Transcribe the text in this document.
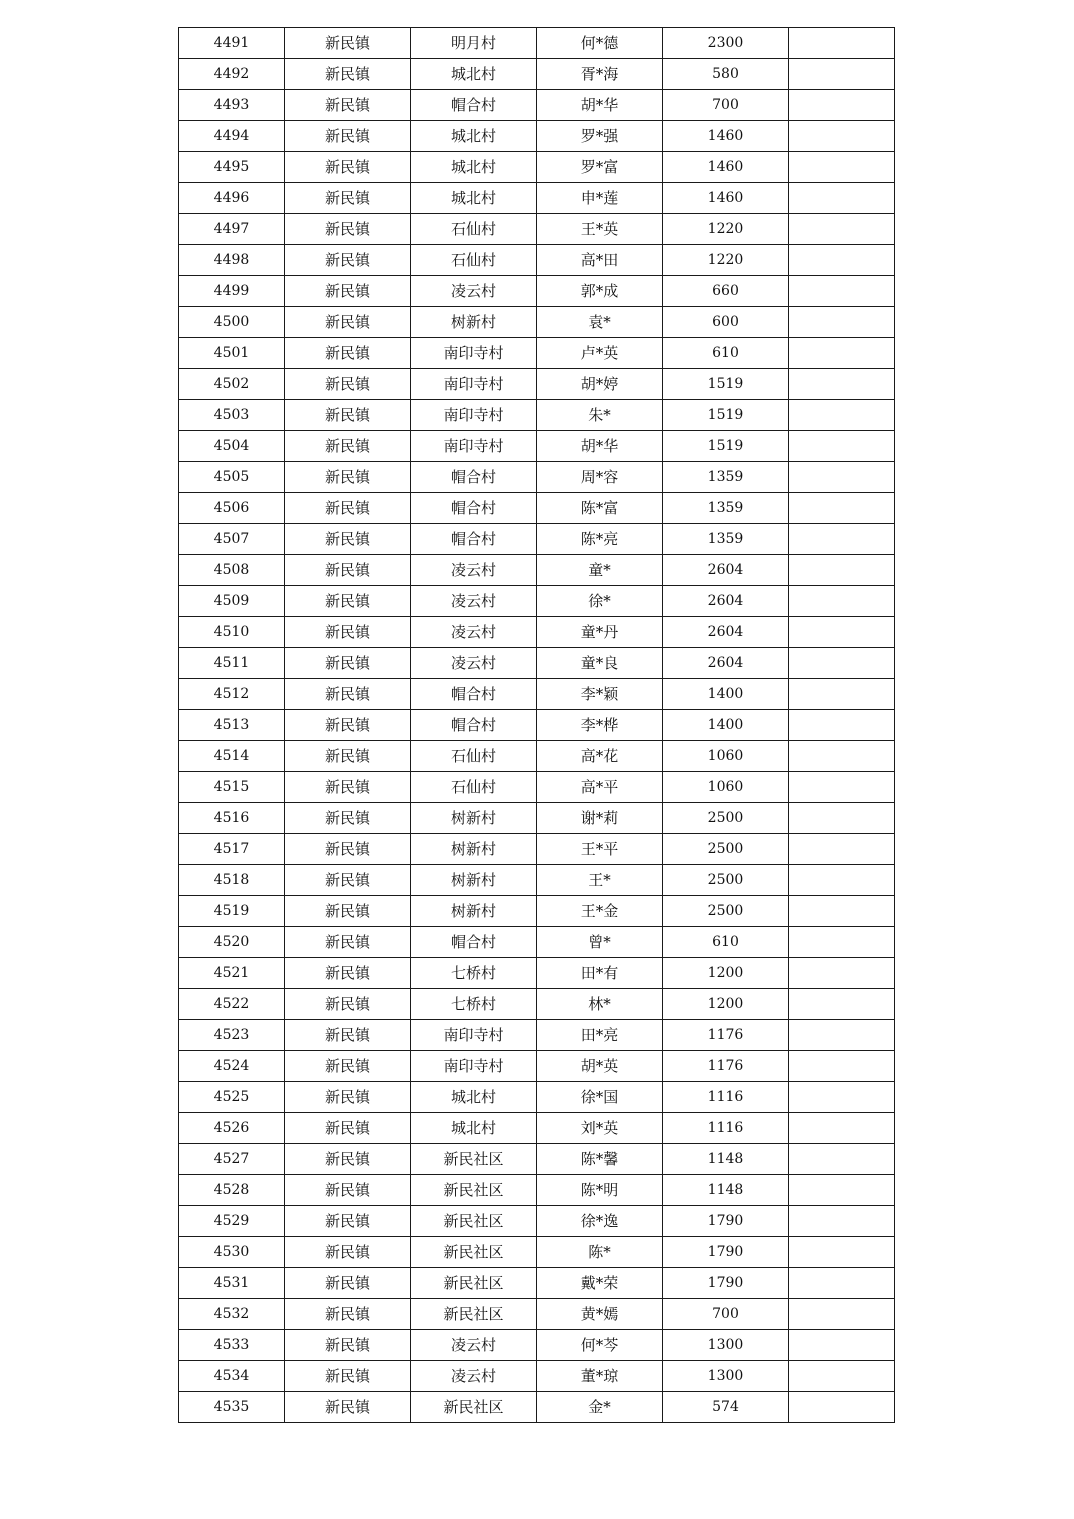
4491	新民镇	明月村	何*德	2300	
4492	新民镇	城北村	胥*海	580	
4493	新民镇	帽合村	胡*华	700	
4494	新民镇	城北村	罗*强	1460	
4495	新民镇	城北村	罗*富	1460	
4496	新民镇	城北村	申*莲	1460	
4497	新民镇	石仙村	王*英	1220	
4498	新民镇	石仙村	高*田	1220	
4499	新民镇	凌云村	郭*成	660	
4500	新民镇	树新村	袁*	600	
4501	新民镇	南印寺村	卢*英	610	
4502	新民镇	南印寺村	胡*婷	1519	
4503	新民镇	南印寺村	朱*	1519	
4504	新民镇	南印寺村	胡*华	1519	
4505	新民镇	帽合村	周*容	1359	
4506	新民镇	帽合村	陈*富	1359	
4507	新民镇	帽合村	陈*亮	1359	
4508	新民镇	凌云村	童*	2604	
4509	新民镇	凌云村	徐*	2604	
4510	新民镇	凌云村	童*丹	2604	
4511	新民镇	凌云村	童*良	2604	
4512	新民镇	帽合村	李*颖	1400	
4513	新民镇	帽合村	李*桦	1400	
4514	新民镇	石仙村	高*花	1060	
4515	新民镇	石仙村	高*平	1060	
4516	新民镇	树新村	谢*莉	2500	
4517	新民镇	树新村	王*平	2500	
4518	新民镇	树新村	王*	2500	
4519	新民镇	树新村	王*金	2500	
4520	新民镇	帽合村	曾*	610	
4521	新民镇	七桥村	田*有	1200	
4522	新民镇	七桥村	林*	1200	
4523	新民镇	南印寺村	田*亮	1176	
4524	新民镇	南印寺村	胡*英	1176	
4525	新民镇	城北村	徐*国	1116	
4526	新民镇	城北村	刘*英	1116	
4527	新民镇	新民社区	陈*馨	1148	
4528	新民镇	新民社区	陈*明	1148	
4529	新民镇	新民社区	徐*逸	1790	
4530	新民镇	新民社区	陈*	1790	
4531	新民镇	新民社区	戴*荣	1790	
4532	新民镇	新民社区	黄*嫣	700	
4533	新民镇	凌云村	何*芩	1300	
4534	新民镇	凌云村	董*琼	1300	
4535	新民镇	新民社区	金*	574	
